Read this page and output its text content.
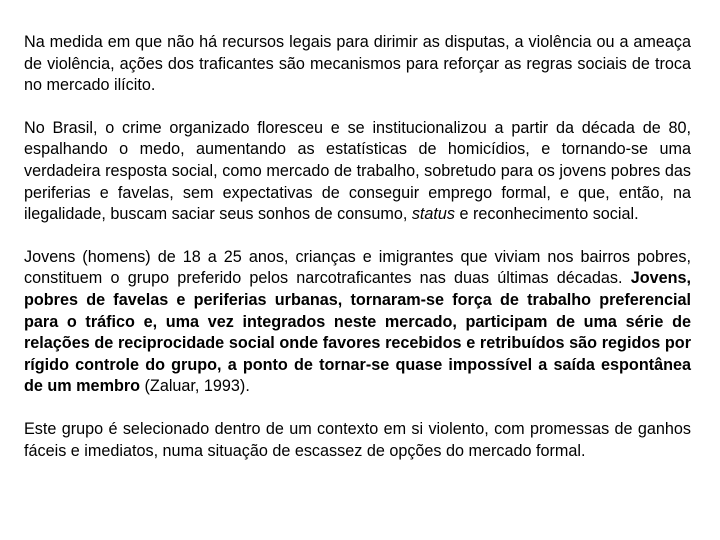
Na medida em que não há recursos legais para dirimir as disputas, a violência ou a ameaça de violência, ações dos traficantes são mecanismos para reforçar as regras sociais de troca no mercado ilícito.

No Brasil, o crime organizado floresceu e se institucionalizou a partir da década de 80, espalhando o medo, aumentando as estatísticas de homicídios, e tornando-se uma verdadeira resposta social, como mercado de trabalho, sobretudo para os jovens pobres das periferias e favelas, sem expectativas de conseguir emprego formal, e que, então, na ilegalidade, buscam saciar seus sonhos de consumo, status e reconhecimento social.

Jovens (homens) de 18 a 25 anos, crianças e imigrantes que viviam nos bairros pobres, constituem o grupo preferido pelos narcotraficantes nas duas últimas décadas. Jovens, pobres de favelas e periferias urbanas, tornaram-se força de trabalho preferencial para o tráfico e, uma vez integrados neste mercado, participam de uma série de relações de reciprocidade social onde favores recebidos e retribuídos são regidos por rígido controle do grupo, a ponto de tornar-se quase impossível a saída espontânea de um membro (Zaluar, 1993).

Este grupo é selecionado dentro de um contexto em si violento, com promessas de ganhos fáceis e imediatos, numa situação de escassez de opções do mercado formal.
